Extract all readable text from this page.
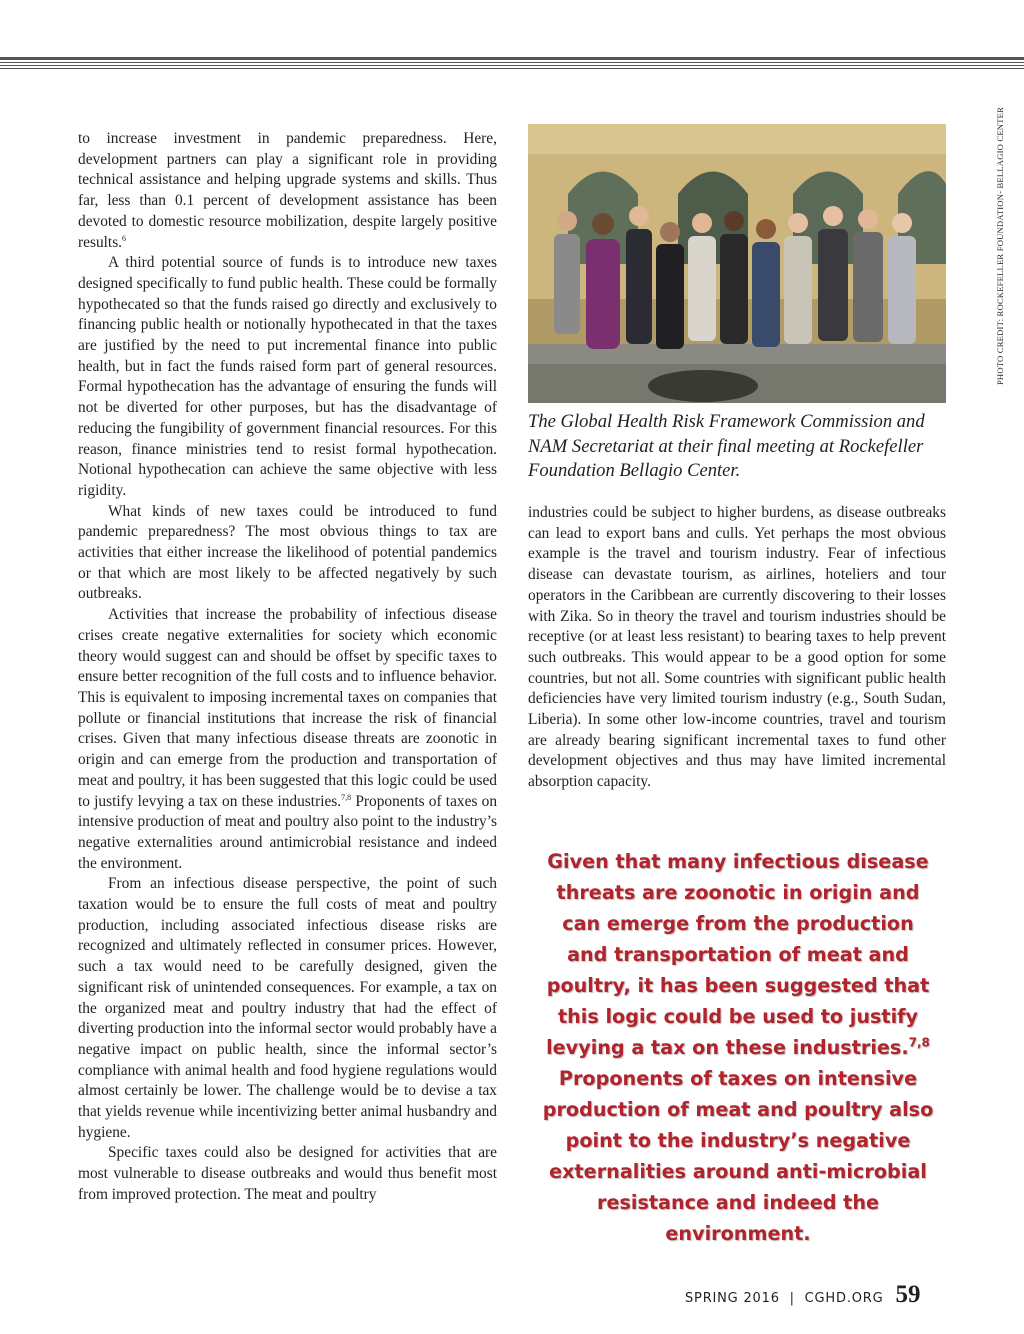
to increase investment in pandemic preparedness. Here, development partners can play a significant role in providing technical assistance and helping upgrade systems and skills. Thus far, less than 0.1 percent of development assistance has been devoted to domestic resource mobilization, despite largely positive results.$^6$

A third potential source of funds is to introduce new taxes designed specifically to fund public health. These could be formally hypothecated so that the funds raised go directly and exclusively to financing public health or notionally hypothecated in that the taxes are justified by the need to put incremental finance into public health, but in fact the funds raised form part of general resources. Formal hypothecation has the advantage of ensuring the funds will not be diverted for other purposes, but has the disadvantage of reducing the fungibility of government financial resources. For this reason, finance ministries tend to resist formal hypothecation. Notional hypothecation can achieve the same objective with less rigidity.

What kinds of new taxes could be introduced to fund pandemic preparedness? The most obvious things to tax are activities that either increase the likelihood of potential pandemics or that which are most likely to be affected negatively by such outbreaks.

Activities that increase the probability of infectious disease crises create negative externalities for society which economic theory would suggest can and should be offset by specific taxes to ensure better recognition of the full costs and to influence behavior. This is equivalent to imposing incremental taxes on companies that pollute or financial institutions that increase the risk of financial crises. Given that many infectious disease threats are zoonotic in origin and can emerge from the production and transportation of meat and poultry, it has been suggested that this logic could be used to justify levying a tax on these industries.$^{7,8}$ Proponents of taxes on intensive production of meat and poultry also point to the industry’s negative externalities around antimicrobial resistance and indeed the environment.

From an infectious disease perspective, the point of such taxation would be to ensure the full costs of meat and poultry production, including associated infectious disease risks are recognized and ultimately reflected in consumer prices. However, such a tax would need to be carefully designed, given the significant risk of unintended consequences. For example, a tax on the organized meat and poultry industry that had the effect of diverting production into the informal sector would probably have a negative impact on public health, since the informal sector’s compliance with animal health and food hygiene regulations would almost certainly be lower. The challenge would be to devise a tax that yields revenue while incentivizing better animal husbandry and hygiene.

Specific taxes could also be designed for activities that are most vulnerable to disease outbreaks and would thus benefit most from improved protection. The meat and poultry

PHOTO CREDIT: ROCKEFELLER FOUNDATION- BELLAGIO CENTER
The Global Health Risk Framework Commission and NAM Secretariat at their final meeting at Rockefeller Foundation Bellagio Center.

industries could be subject to higher burdens, as disease outbreaks can lead to export bans and culls. Yet perhaps the most obvious example is the travel and tourism industry. Fear of infectious disease can devastate tourism, as airlines, hoteliers and tour operators in the Caribbean are currently discovering to their losses with Zika. So in theory the travel and tourism industries should be receptive (or at least less resistant) to bearing taxes to help prevent such outbreaks. This would appear to be a good option for some countries, but not all. Some countries with significant public health deficiencies have very limited tourism industry (e.g., South Sudan, Liberia). In some other low-income countries, travel and tourism are already bearing significant incremental taxes to fund other development objectives and thus may have limited incremental absorption capacity.

Given that many infectious disease threats are zoonotic in origin and can emerge from the production and transportation of meat and poultry, it has been suggested that this logic could be used to justify levying a tax on these industries.$^{7,8}$ Proponents of taxes on intensive production of meat and poultry also point to the industry’s negative externalities around anti-microbial resistance and indeed the environment.
SPRING 2016  |  CGHD.ORG 59
